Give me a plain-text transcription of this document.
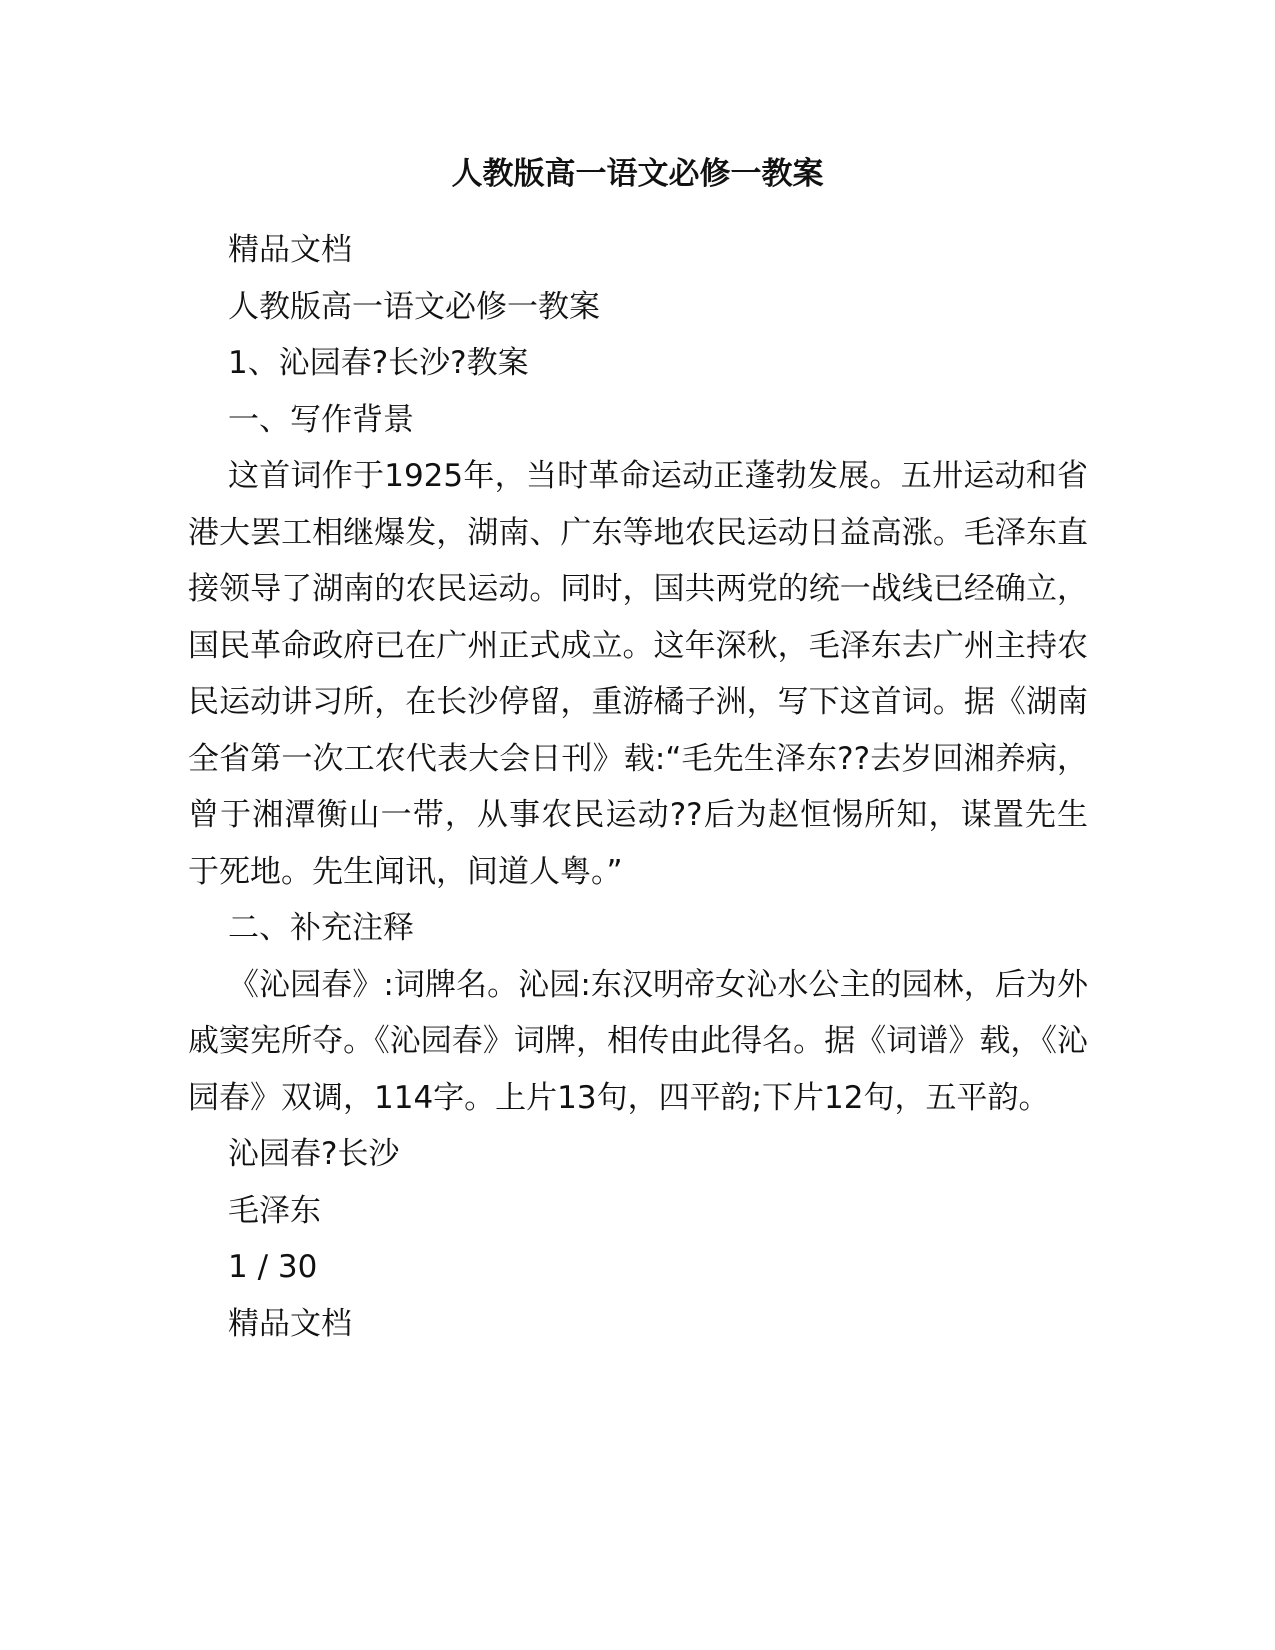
人教版高一语文必修一教案

精品文档

人教版高一语文必修一教案

1、沁园春?长沙?教案

一、写作背景

这首词作于1925年，当时革命运动正蓬勃发展。五卅运动和省港大罢工相继爆发，湖南、广东等地农民运动日益高涨。毛泽东直接领导了湖南的农民运动。同时，国共两党的统一战线已经确立，国民革命政府已在广州正式成立。这年深秋，毛泽东去广州主持农民运动讲习所，在长沙停留，重游橘子洲，写下这首词。据《湖南全省第一次工农代表大会日刊》载:“毛先生泽东??去岁回湘养病，曾于湘潭衡山一带，从事农民运动??后为赵恒惕所知，谋置先生于死地。先生闻讯，间道人粤。”

二、补充注释

《沁园春》:词牌名。沁园:东汉明帝女沁水公主的园林，后为外戚窦宪所夺。《沁园春》词牌，相传由此得名。据《词谱》载，《沁园春》双调，114字。上片13句，四平韵;下片12句，五平韵。

沁园春?长沙

毛泽东

1 / 30

精品文档
